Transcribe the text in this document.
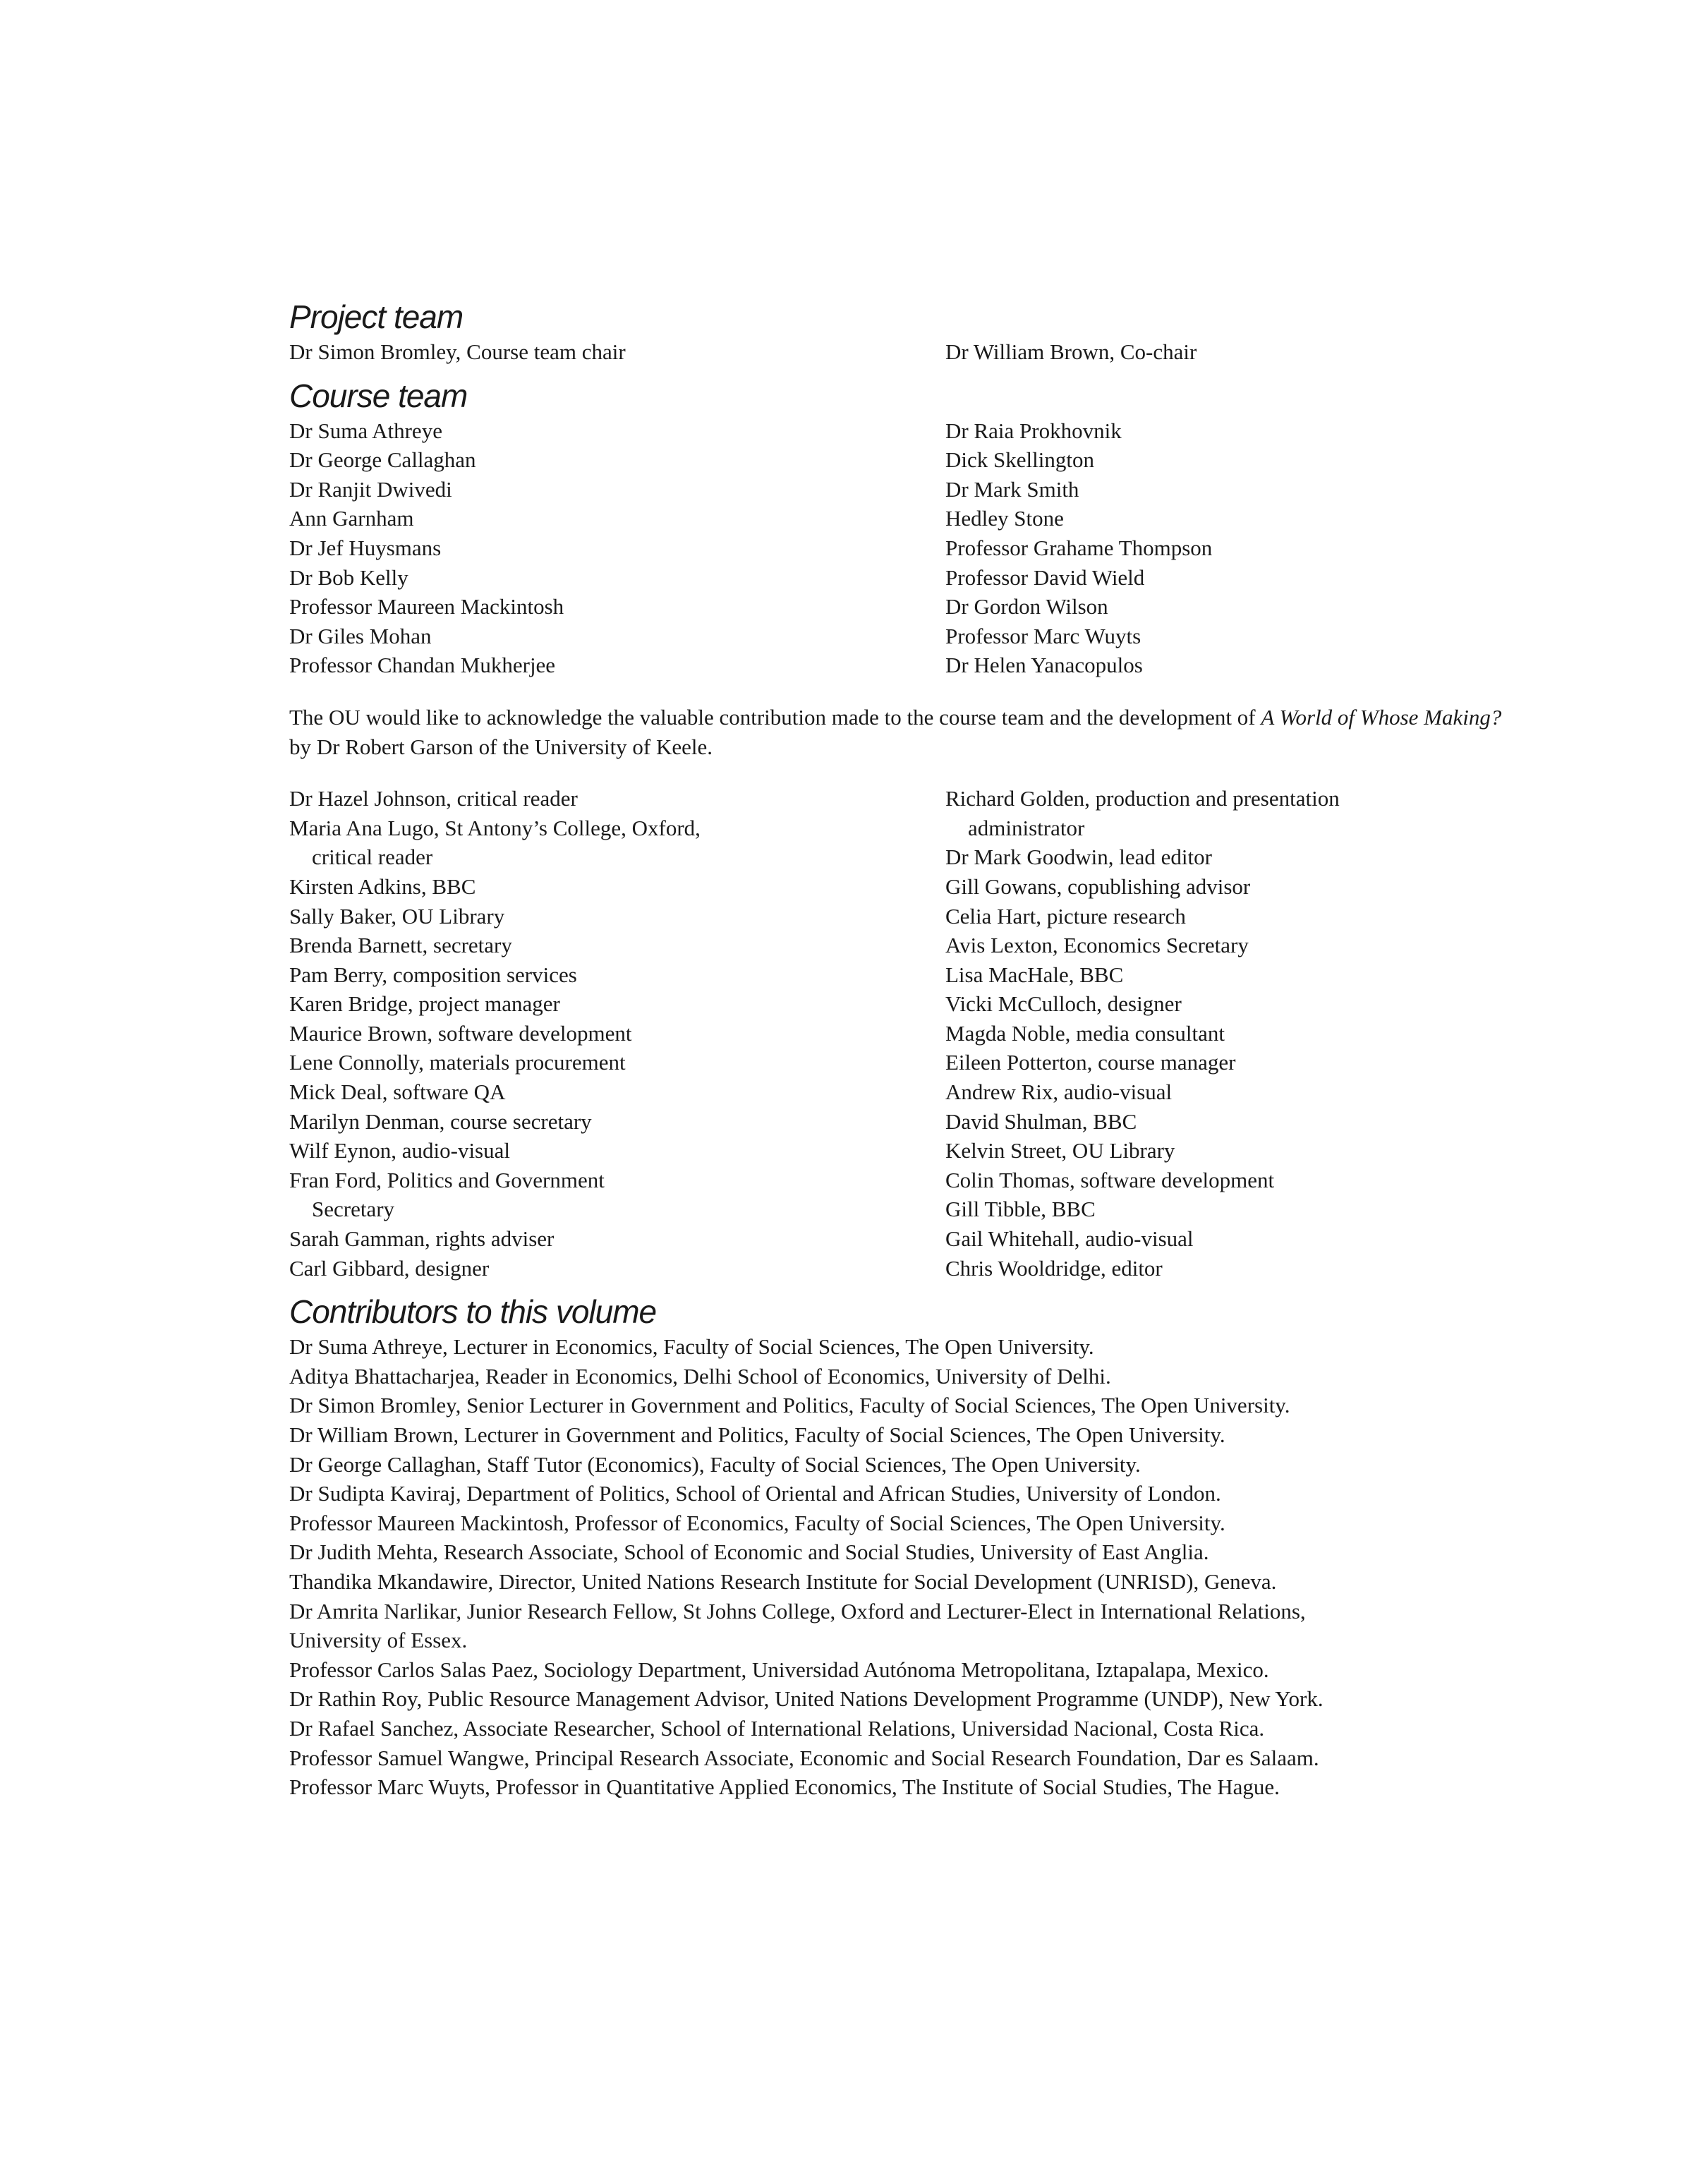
Project team
Dr Simon Bromley, Course team chair	Dr William Brown, Co-chair
Course team
Dr Suma Athreye
Dr George Callaghan
Dr Ranjit Dwivedi
Ann Garnham
Dr Jef Huysmans
Dr Bob Kelly
Professor Maureen Mackintosh
Dr Giles Mohan
Professor Chandan Mukherjee
Dr Raia Prokhovnik
Dick Skellington
Dr Mark Smith
Hedley Stone
Professor Grahame Thompson
Professor David Wield
Dr Gordon Wilson
Professor Marc Wuyts
Dr Helen Yanacopulos
The OU would like to acknowledge the valuable contribution made to the course team and the development of A World of Whose Making? by Dr Robert Garson of the University of Keele.
Dr Hazel Johnson, critical reader
Maria Ana Lugo, St Antony’s College, Oxford,
critical reader
Kirsten Adkins, BBC
Sally Baker, OU Library
Brenda Barnett, secretary
Pam Berry, composition services
Karen Bridge, project manager
Maurice Brown, software development
Lene Connolly, materials procurement
Mick Deal, software QA
Marilyn Denman, course secretary
Wilf Eynon, audio-visual
Fran Ford, Politics and Government
Secretary
Sarah Gamman, rights adviser
Carl Gibbard, designer
Richard Golden, production and presentation
administrator
Dr Mark Goodwin, lead editor
Gill Gowans, copublishing advisor
Celia Hart, picture research
Avis Lexton, Economics Secretary
Lisa MacHale, BBC
Vicki McCulloch, designer
Magda Noble, media consultant
Eileen Potterton, course manager
Andrew Rix, audio-visual
David Shulman, BBC
Kelvin Street, OU Library
Colin Thomas, software development
Gill Tibble, BBC
Gail Whitehall, audio-visual
Chris Wooldridge, editor
Contributors to this volume
Dr Suma Athreye, Lecturer in Economics, Faculty of Social Sciences, The Open University.
Aditya Bhattacharjea, Reader in Economics, Delhi School of Economics, University of Delhi.
Dr Simon Bromley, Senior Lecturer in Government and Politics, Faculty of Social Sciences, The Open University.
Dr William Brown, Lecturer in Government and Politics, Faculty of Social Sciences, The Open University.
Dr George Callaghan, Staff Tutor (Economics), Faculty of Social Sciences, The Open University.
Dr Sudipta Kaviraj, Department of Politics, School of Oriental and African Studies, University of London.
Professor Maureen Mackintosh, Professor of Economics, Faculty of Social Sciences, The Open University.
Dr Judith Mehta, Research Associate, School of Economic and Social Studies, University of East Anglia.
Thandika Mkandawire, Director, United Nations Research Institute for Social Development (UNRISD), Geneva.
Dr Amrita Narlikar, Junior Research Fellow, St Johns College, Oxford and Lecturer-Elect in International Relations,
University of Essex.
Professor Carlos Salas Paez, Sociology Department, Universidad Autónoma Metropolitana, Iztapalapa, Mexico.
Dr Rathin Roy, Public Resource Management Advisor, United Nations Development Programme (UNDP), New York.
Dr Rafael Sanchez, Associate Researcher, School of International Relations, Universidad Nacional, Costa Rica.
Professor Samuel Wangwe, Principal Research Associate, Economic and Social Research Foundation, Dar es Salaam.
Professor Marc Wuyts, Professor in Quantitative Applied Economics, The Institute of Social Studies, The Hague.
